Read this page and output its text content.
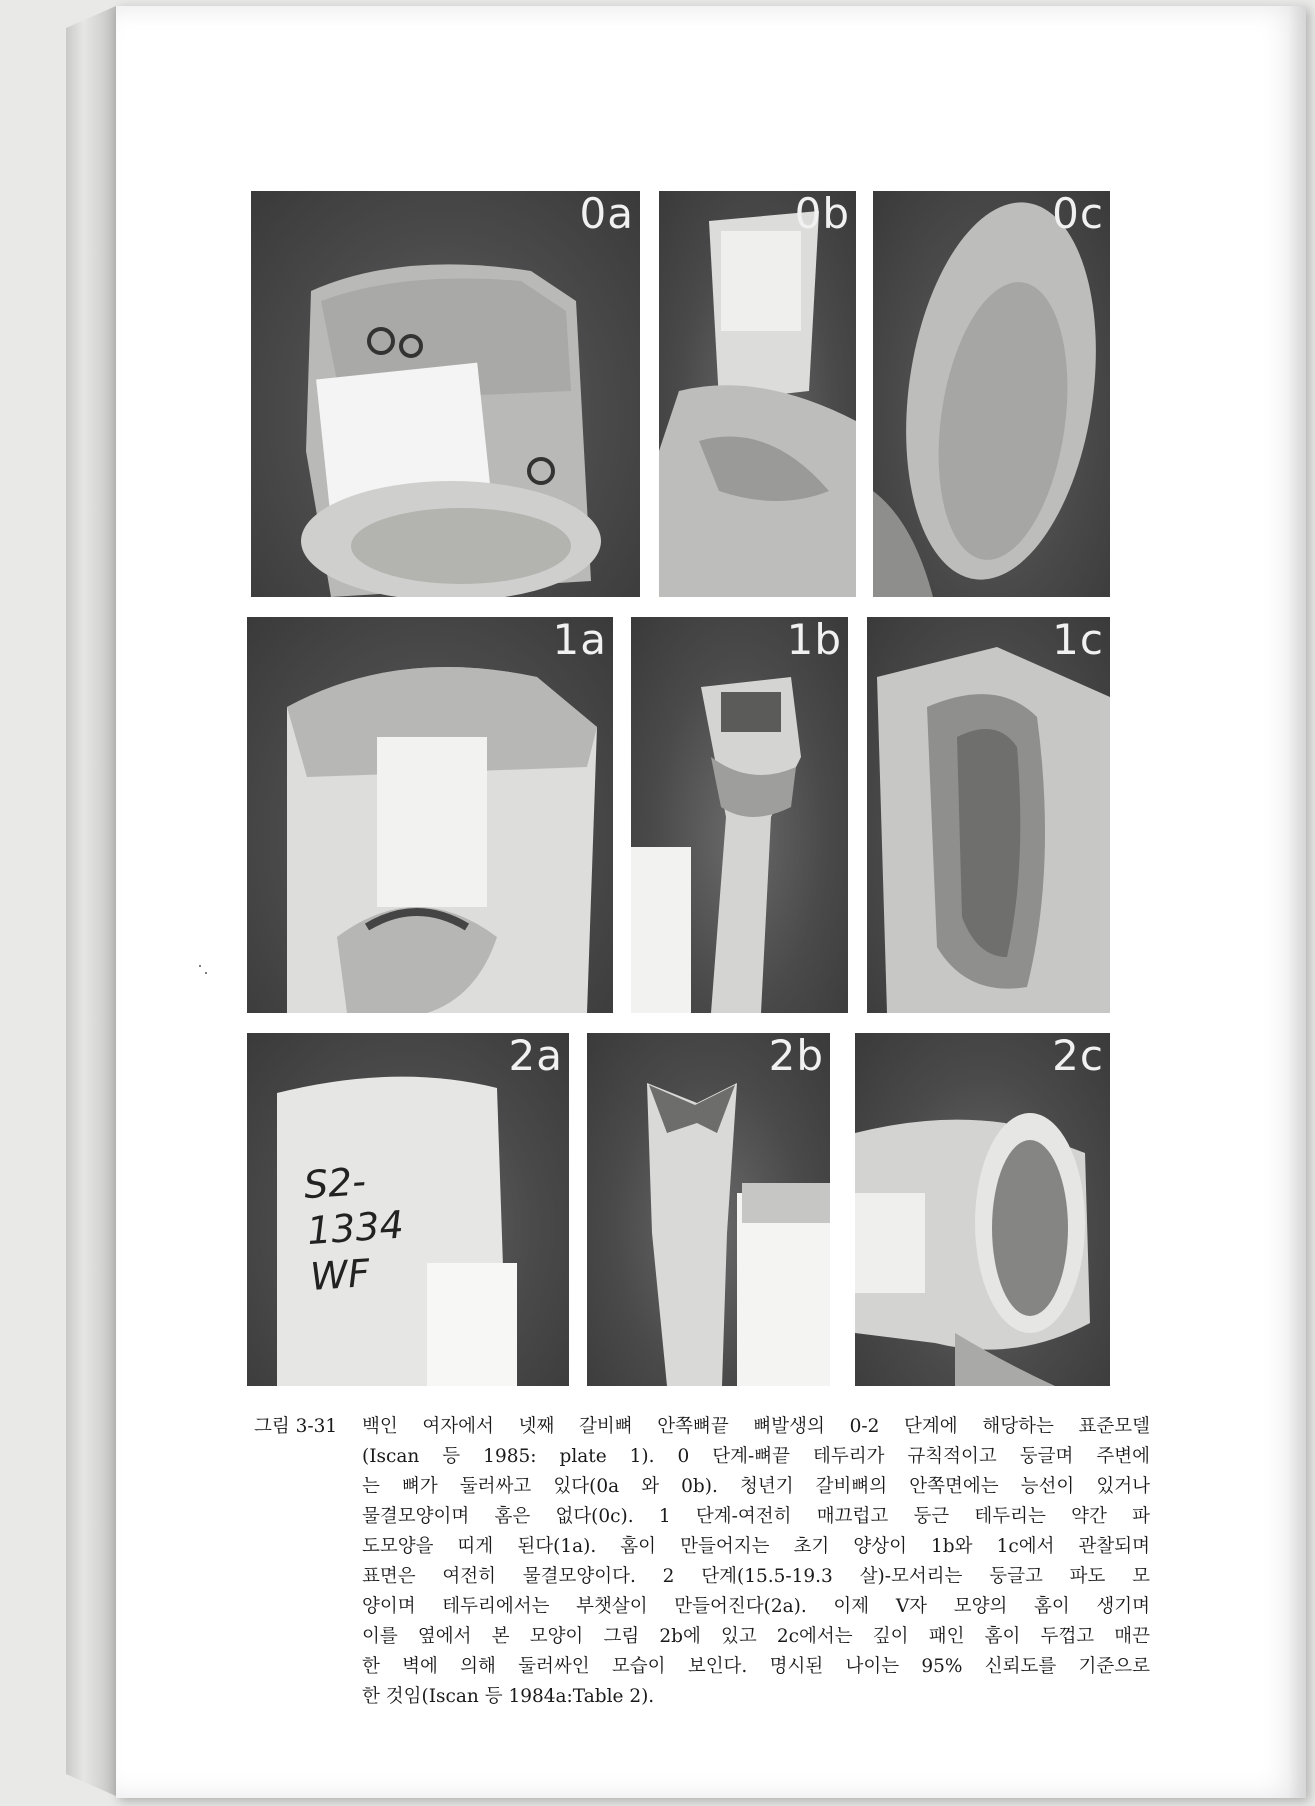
0a	0b	0c
1a	1b	1c
2a
S2- 1334 WF
2b	2c
그림 3-31 백인 여자에서 넷째 갈비뼈 안쪽뼈끝 뼈발생의 0-2 단계에 해당하는 표준모델
(Iscan 등 1985: plate 1). 0 단계-뼈끝 테두리가 규칙적이고 둥글며 주변에
는 뼈가 둘러싸고 있다(0a 와 0b). 청년기 갈비뼈의 안쪽면에는 능선이 있거나
물결모양이며 홈은 없다(0c). 1 단계-여전히 매끄럽고 둥근 테두리는 약간 파
도모양을 띠게 된다(1a). 홈이 만들어지는 초기 양상이 1b와 1c에서 관찰되며
표면은 여전히 물결모양이다. 2 단계(15.5-19.3 살)-모서리는 둥글고 파도 모
양이며 테두리에서는 부챗살이 만들어진다(2a). 이제 V자 모양의 홈이 생기며
이를 옆에서 본 모양이 그림 2b에 있고 2c에서는 깊이 패인 홈이 두껍고 매끈
한 벽에 의해 둘러싸인 모습이 보인다. 명시된 나이는 95% 신뢰도를 기준으로
한 것임(Iscan 등 1984a:Table 2).
